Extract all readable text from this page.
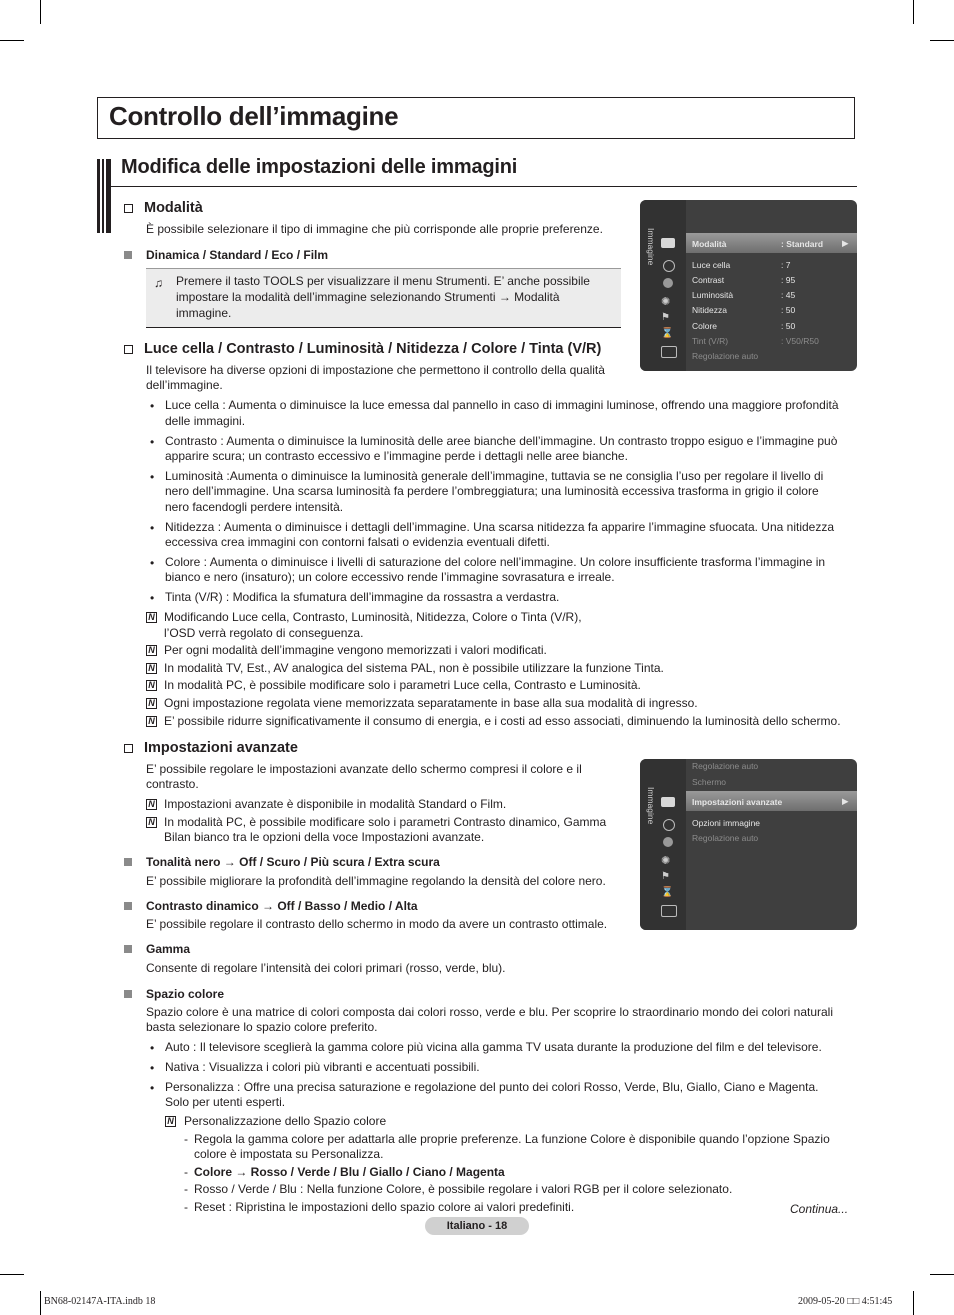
Controllo dell’immagine
Modifica delle impostazioni delle immagini
Modalità
È possibile selezionare il tipo di immagine che più corrisponde alle proprie preferenze.
Dinamica / Standard / Eco / Film
♫	Premere il tasto TOOLS per visualizzare il menu Strumenti. E’ anche possibile
impostare la modalità dell’immagine selezionando Strumenti → Modalità
immagine.
Immagine
✺
⚑
⌛
Modalità	: Standard ▶
Luce cella	: 7
Contrast	: 95
Luminosità	: 45
Nitidezza	: 50
Colore	: 50
Tint (V/R)	: V50/R50
Regolazione auto
Luce cella / Contrasto / Luminosità / Nitidezza / Colore / Tinta (V/R)
Il televisore ha diverse opzioni di impostazione che permettono il controllo della qualità
dell’immagine.
• Luce cella : Aumenta o diminuisce la luce emessa dal pannello in caso di immagini luminose, offrendo una maggiore profondità
delle immagini.
• Contrasto : Aumenta o diminuisce la luminosità delle aree bianche dell’immagine. Un contrasto troppo esiguo e l’immagine può
apparire scura; un contrasto eccessivo e l’immagine perde i dettagli nelle aree bianche.
• Luminosità :Aumenta o diminuisce la luminosità generale dell’immagine, tuttavia se ne consiglia l’uso per regolare il livello di
nero dell’immagine. Una scarsa luminosità fa perdere l’ombreggiatura; una luminosità eccessiva trasforma in grigio il colore
nero facendogli perdere intensità.
• Nitidezza : Aumenta o diminuisce i dettagli dell’immagine. Una scarsa nitidezza fa apparire l’immagine sfuocata. Una nitidezza
eccessiva crea immagini con contorni falsati o evidenzia eventuali difetti.
• Colore : Aumenta o diminuisce i livelli di saturazione del colore nell’immagine. Un colore insufficiente trasforma l’immagine in
bianco e nero (insaturo); un colore eccessivo rende l’immagine sovrasatura e irreale.
• Tinta (V/R) : Modifica la sfumatura dell’immagine da rossastra a verdastra.
N Modificando Luce cella, Contrasto, Luminosità, Nitidezza, Colore o Tinta (V/R),
l’OSD verrà regolato di conseguenza.
N Per ogni modalità dell’immagine vengono memorizzati i valori modificati.
N In modalità TV, Est., AV analogica del sistema PAL, non è possibile utilizzare la funzione Tinta.
N In modalità PC, è possibile modificare solo i parametri Luce cella, Contrasto e Luminosità.
N Ogni impostazione regolata viene memorizzata separatamente in base alla sua modalità di ingresso.
N E’ possibile ridurre significativamente il consumo di energia, e i costi ad esso associati, diminuendo la luminosità dello schermo.
Impostazioni avanzate
E’ possibile regolare le impostazioni avanzate dello schermo compresi il colore e il
contrasto.
N Impostazioni avanzate è disponibile in modalità Standard o Film.
N In modalità PC, è possibile modificare solo i parametri Contrasto dinamico, Gamma
Bilan bianco tra le opzioni della voce Impostazioni avanzate.
Tonalità nero → Off / Scuro / Più scura / Extra scura
E’ possibile migliorare la profondità dell’immagine regolando la densità del colore nero.
Contrasto dinamico → Off / Basso / Medio / Alta
E’ possibile regolare il contrasto dello schermo in modo da avere un contrasto ottimale.
Gamma
Consente di regolare l’intensità dei colori primari (rosso, verde, blu).
Spazio colore
Spazio colore è una matrice di colori composta dai colori rosso, verde e blu. Per scoprire lo straordinario mondo dei colori naturali
basta selezionare lo spazio colore preferito.
• Auto : Il televisore sceglierà la gamma colore più vicina alla gamma TV usata durante la produzione del film e del televisore.
• Nativa : Visualizza i colori più vibranti e accentuati possibili.
• Personalizza : Offre una precisa saturazione e regolazione del punto dei colori Rosso, Verde, Blu, Giallo, Ciano e Magenta.
Solo per utenti esperti.
N Personalizzazione dello Spazio colore
- Regola la gamma colore per adattarla alle proprie preferenze. La funzione Colore è disponibile quando l’opzione Spazio
colore è impostata su Personalizza.
- Colore → Rosso / Verde / Blu / Giallo / Ciano / Magenta
- Rosso / Verde / Blu : Nella funzione Colore, è possibile regolare i valori RGB per il colore selezionato.
- Reset : Ripristina le impostazioni dello spazio colore ai valori predefiniti.
Immagine
✺
⚑
⌛
Regolazione auto
Schermo
Impostazioni avanzate	▶
Opzioni immagine
Regolazione auto
Continua...
Italiano - 18
BN68-02147A-ITA.indb 18	2009-05-20 □□ 4:51:45
